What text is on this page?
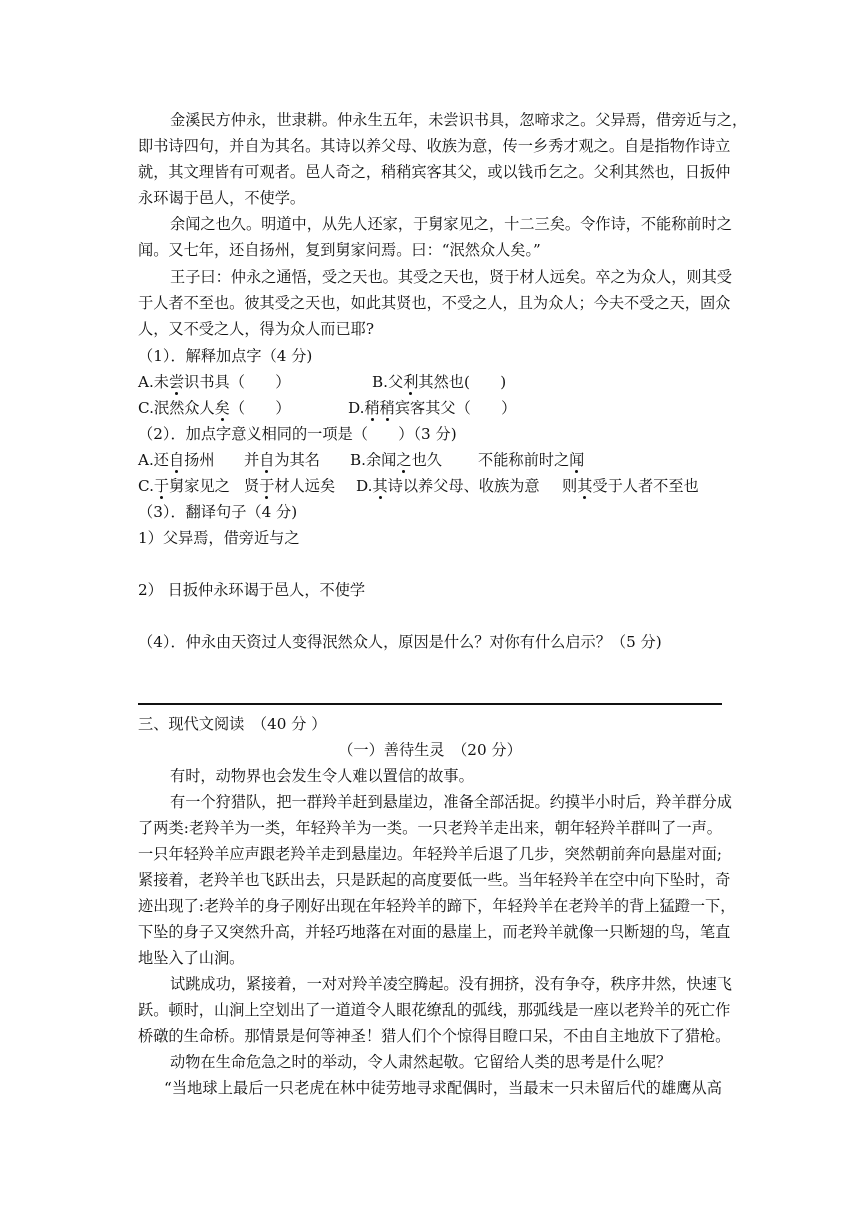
金溪民方仲永，世隶耕。仲永生五年，未尝识书具，忽啼求之。父异焉，借旁近与之，
即书诗四句，并自为其名。其诗以养父母、收族为意，传一乡秀才观之。自是指物作诗立
就，其文理皆有可观者。邑人奇之，稍稍宾客其父，或以钱币乞之。父利其然也，日扳仲
永环谒于邑人，不使学。
余闻之也久。明道中，从先人还家，于舅家见之，十二三矣。令作诗，不能称前时之
闻。又七年，还自扬州，复到舅家问焉。曰：“泯然众人矣。”
王子曰：仲永之通悟，受之天也。其受之天也，贤于材人远矣。卒之为众人，则其受
于人者不至也。彼其受之天也，如此其贤也，不受之人，且为众人；今夫不受之天，固众
人，又不受之人，得为众人而已耶?
（1）．解释加点字（4 分)
A.未尝识书具（　　）	B.父利其然也(　　)
C.泯然众人矣（　　）	D.稍稍宾客其父（　　）
（2）．加点字意义相同的一项是（　　）（3 分)
A.还自扬州 并自为其名 B.余闻之也久 不能称前时之闻
C.于舅家见之 贤于材人远矣 D.其诗以养父母、收族为意 则其受于人者不至也
（3）．翻译句子（4 分)
1）父异焉，借旁近与之
2） 日扳仲永环谒于邑人，不使学
（4）．仲永由天资过人变得泯然众人，原因是什么？对你有什么启示？（5 分)
三、现代文阅读　（40 分 ）
（一）善待生灵　（20 分）
有时，动物界也会发生令人难以置信的故事。
有一个狩猎队，把一群羚羊赶到悬崖边，准备全部活捉。约摸半小时后，羚羊群分成
了两类:老羚羊为一类，年轻羚羊为一类。一只老羚羊走出来，朝年轻羚羊群叫了一声。
一只年轻羚羊应声跟老羚羊走到悬崖边。年轻羚羊后退了几步，突然朝前奔向悬崖对面;
紧接着，老羚羊也飞跃出去，只是跃起的高度要低一些。当年轻羚羊在空中向下坠时，奇
迹出现了:老羚羊的身子刚好出现在年轻羚羊的蹄下，年轻羚羊在老羚羊的背上猛蹬一下，
下坠的身子又突然升高，并轻巧地落在对面的悬崖上，而老羚羊就像一只断翅的鸟，笔直
地坠入了山涧。
试跳成功，紧接着，一对对羚羊凌空腾起。没有拥挤，没有争夺，秩序井然，快速飞
跃。顿时，山涧上空划出了一道道令人眼花缭乱的弧线，那弧线是一座以老羚羊的死亡作
桥礅的生命桥。那情景是何等神圣！猎人们个个惊得目瞪口呆，不由自主地放下了猎枪。
动物在生命危急之时的举动，令人肃然起敬。它留给人类的思考是什么呢？
“当地球上最后一只老虎在林中徒劳地寻求配偶时，当最末一只未留后代的雄鹰从高
